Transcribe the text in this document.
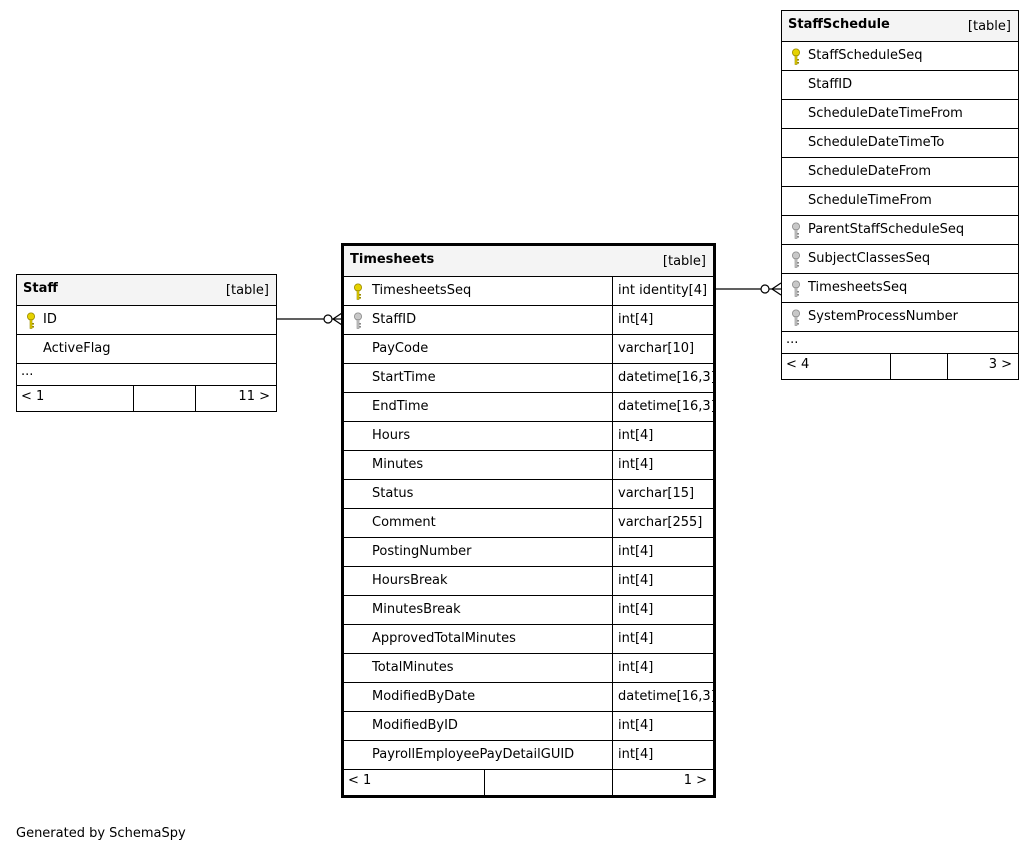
Staff	[table]
ID
ActiveFlag
...
< 1	11 >
Timesheets	[table]
TimesheetsSeq	int identity[4]
StaffID	int[4]
PayCode	varchar[10]
StartTime	datetime[16,3]
EndTime	datetime[16,3]
Hours	int[4]
Minutes	int[4]
Status	varchar[15]
Comment	varchar[255]
PostingNumber	int[4]
HoursBreak	int[4]
MinutesBreak	int[4]
ApprovedTotalMinutes	int[4]
TotalMinutes	int[4]
ModifiedByDate	datetime[16,3]
ModifiedByID	int[4]
PayrollEmployeePayDetailGUID	int[4]
< 1	1 >
StaffSchedule	[table]
StaffScheduleSeq
StaffID
ScheduleDateTimeFrom
ScheduleDateTimeTo
ScheduleDateFrom
ScheduleTimeFrom
ParentStaffScheduleSeq
SubjectClassesSeq
TimesheetsSeq
SystemProcessNumber
...
< 4	3 >
Generated by SchemaSpy
